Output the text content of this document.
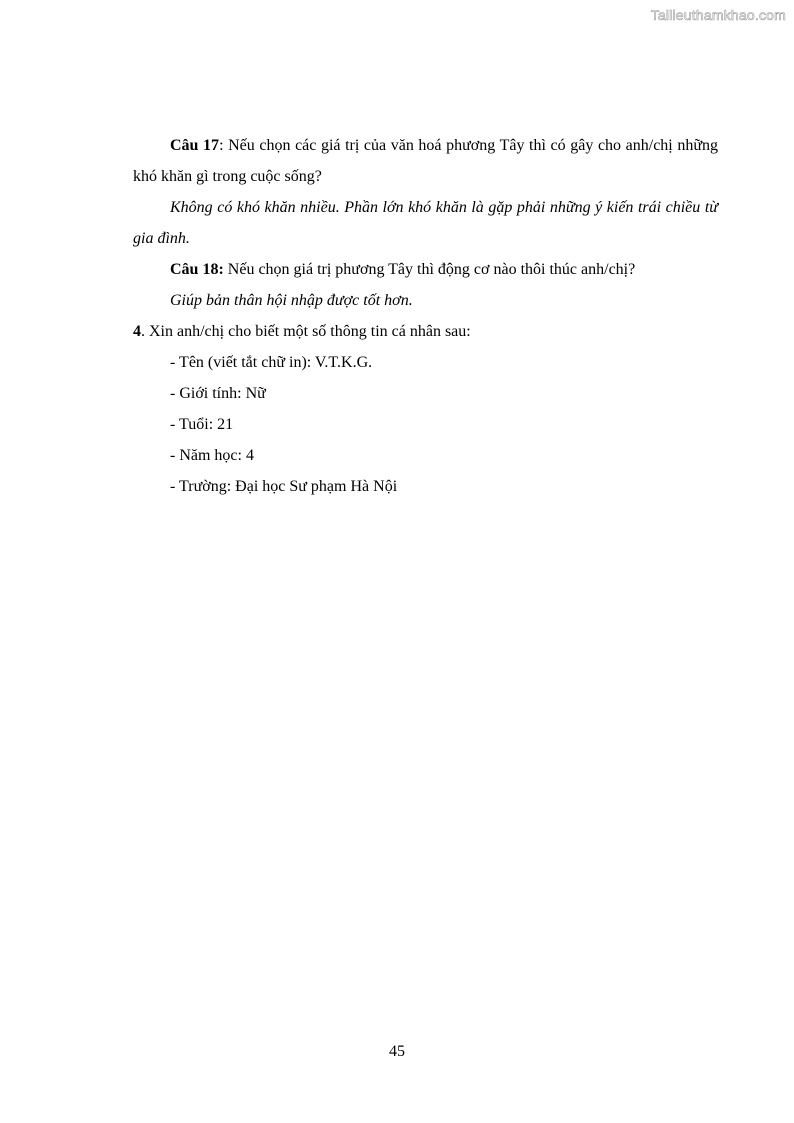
Tailieuthamkhao.com

Câu 17: Nếu chọn các giá trị của văn hoá phương Tây thì có gây cho anh/chị những khó khăn gì trong cuộc sống?

Không có khó khăn nhiều. Phần lớn khó khăn là gặp phải những ý kiến trái chiều từ gia đình.

Câu 18: Nếu chọn giá trị phương Tây thì động cơ nào thôi thúc anh/chị?

Giúp bản thân hội nhập được tốt hơn.

4. Xin anh/chị cho biết một số thông tin cá nhân sau:

- Tên (viết tắt chữ in): V.T.K.G.

- Giới tính: Nữ

- Tuổi: 21

- Năm học: 4

- Trường: Đại học Sư phạm Hà Nội

45
